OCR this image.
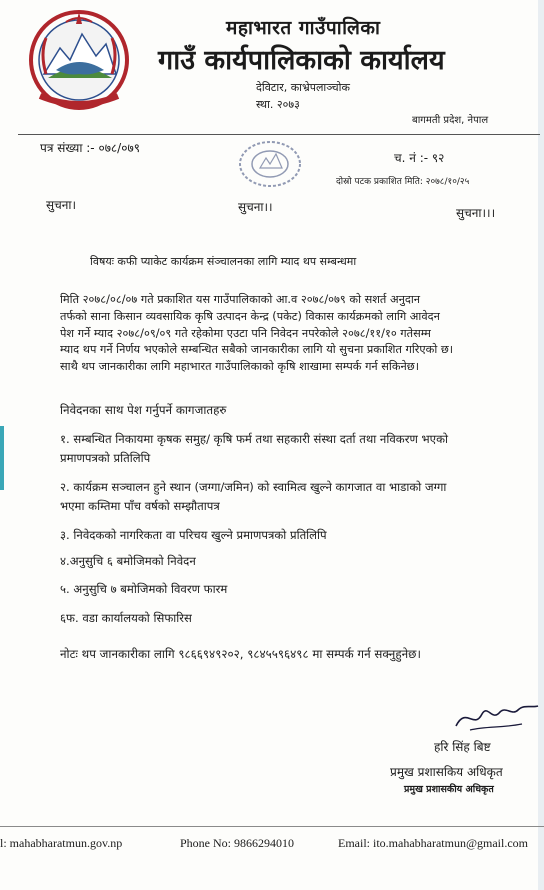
महाभारत गाउँपालिका
गाउँ कार्यपालिकाको कार्यालय
देविटार, काभ्रेपलाञ्चोक
स्था. २०७३
बागमती प्रदेश, नेपाल
पत्र संख्या :- ०७८/०७९
च. नं :- ९२
दोस्रो पटक प्रकाशित मिति: २०७८/१०/२५
सुचना।	सुचना।।	सुचना।।।
विषयः कफी प्याकेट कार्यक्रम संञ्चालनका लागि म्याद थप सम्बन्धमा
मिति २०७८/०८/०७ गते प्रकाशित यस गाउँपालिकाको आ.व २०७८/०७९ को सशर्त अनुदान
तर्फको साना किसान व्यवसायिक कृषि उत्पादन केन्द्र (पकेट) विकास कार्यक्रमको लागि आवेदन
पेश गर्ने म्याद २०७८/०९/०९ गते रहेकोमा एउटा पनि निवेदन नपरेकोले २०७८/११/१० गतेसम्म
म्याद थप गर्ने निर्णय भएकोले सम्बन्धित सबैको जानकारीका लागि यो सुचना प्रकाशित गरिएको छ।
साथै थप जानकारीका लागि महाभारत गाउँपालिकाको कृषि शाखामा सम्पर्क गर्न सकिनेछ।
निवेदनका साथ पेश गर्नुपर्ने कागजातहरु
१. सम्बन्धित निकायमा कृषक समुह/ कृषि फर्म तथा सहकारी संस्था दर्ता तथा नविकरण भएको
प्रमाणपत्रको प्रतिलिपि
२. कार्यक्रम सञ्चालन हुने स्थान (जग्गा/जमिन) को स्वामित्व खुल्ने कागजात वा भाडाको जग्गा
भएमा कम्तिमा पाँच वर्षको सम्झौतापत्र
३. निवेदकको नागरिकता वा परिचय खुल्ने प्रमाणपत्रको प्रतिलिपि
४.अनुसुचि ६ बमोजिमको निवेदन
५. अनुसुचि ७ बमोजिमको विवरण फारम
६फ. वडा कार्यालयको सिफारिस
नोटः थप जानकारीका लागि ९८६६९४९२०२, ९८४५५९६४९८ मा सम्पर्क गर्न सक्नुहुनेछ।
हरि सिंह बिष्ट
प्रमुख प्रशासकिय अधिकृत
प्रमुख प्रशासकीय अधिकृत
l: mahabharatmun.gov.np	Phone No: 9866294010	Email: ito.mahabharatmun@gmail.com
